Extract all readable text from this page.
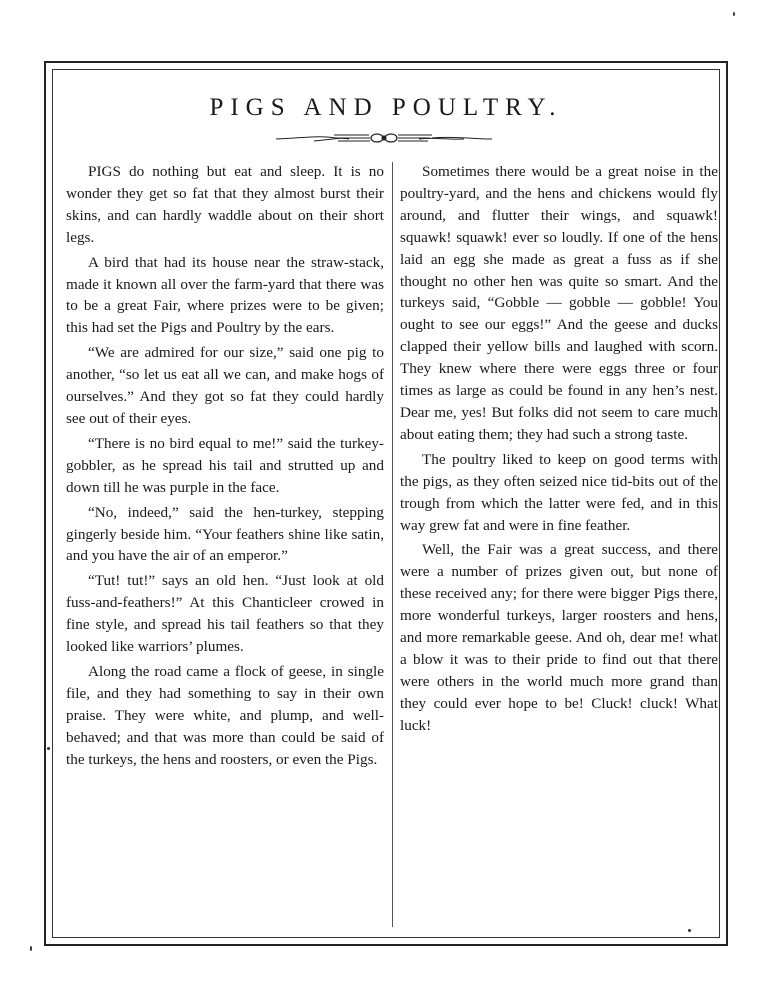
PIGS AND POULTRY.

PIGS do nothing but eat and sleep. It is no wonder they get so fat that they almost burst their skins, and can hardly waddle about on their short legs.

A bird that had its house near the straw-stack, made it known all over the farm-yard that there was to be a great Fair, where prizes were to be given; this had set the Pigs and Poultry by the ears.

“We are admired for our size,” said one pig to another, “so let us eat all we can, and make hogs of ourselves.” And they got so fat they could hardly see out of their eyes.

“There is no bird equal to me!” said the turkey-gobbler, as he spread his tail and strutted up and down till he was purple in the face.

“No, indeed,” said the hen-turkey, stepping gingerly beside him. “Your feathers shine like satin, and you have the air of an emperor.”

“Tut! tut!” says an old hen. “Just look at old fuss-and-feathers!” At this Chanticleer crowed in fine style, and spread his tail feathers so that they looked like warriors’ plumes.

Along the road came a flock of geese, in single file, and they had something to say in their own praise. They were white, and plump, and well-behaved; and that was more than could be said of the turkeys, the hens and roosters, or even the Pigs.

Sometimes there would be a great noise in the poultry-yard, and the hens and chickens would fly around, and flutter their wings, and squawk! squawk! squawk! ever so loudly. If one of the hens laid an egg she made as great a fuss as if she thought no other hen was quite so smart. And the turkeys said, “Gobble — gobble — gobble! You ought to see our eggs!” And the geese and ducks clapped their yellow bills and laughed with scorn. They knew where there were eggs three or four times as large as could be found in any hen’s nest. Dear me, yes! But folks did not seem to care much about eating them; they had such a strong taste.

The poultry liked to keep on good terms with the pigs, as they often seized nice tid-bits out of the trough from which the latter were fed, and in this way grew fat and were in fine feather.

Well, the Fair was a great success, and there were a number of prizes given out, but none of these received any; for there were bigger Pigs there, more wonderful turkeys, larger roosters and hens, and more remarkable geese. And oh, dear me! what a blow it was to their pride to find out that there were others in the world much more grand than they could ever hope to be! Cluck! cluck! What luck!
